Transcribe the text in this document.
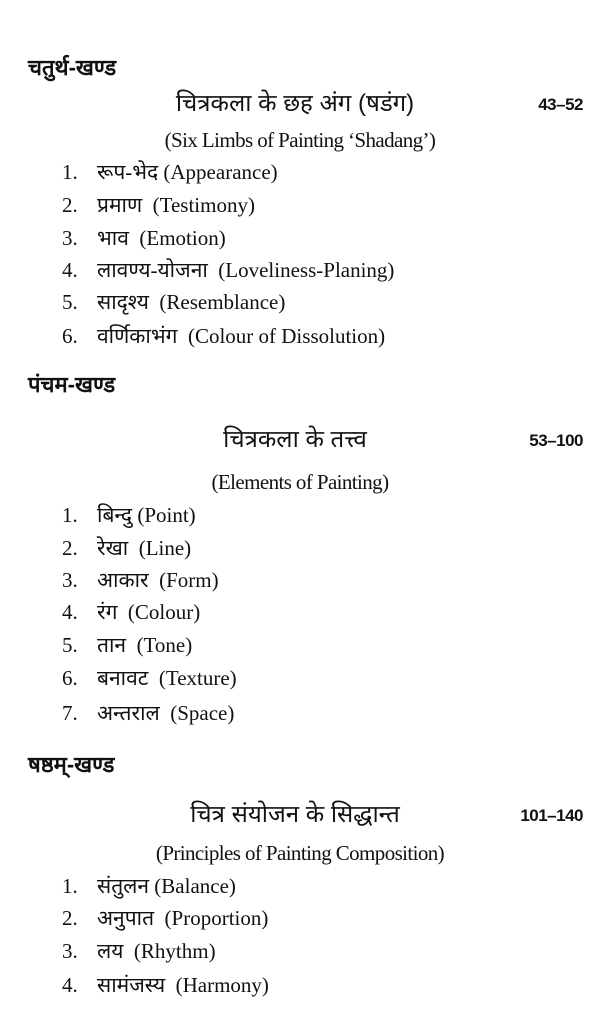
चतुर्थ-खण्ड
चित्रकला के छह अंग (षडंग)	43–52
(Six Limbs of Painting ‘Shadang’)
1. रूप-भेद (Appearance)
2. प्रमाण  (Testimony)
3. भाव  (Emotion)
4. लावण्य-योजना  (Loveliness-Planing)
5. सादृश्य  (Resemblance)
6. वर्णिकाभंग  (Colour of Dissolution)
पंचम-खण्ड
चित्रकला के तत्त्व	53–100
(Elements of Painting)
1. बिन्दु (Point)
2. रेखा  (Line)
3. आकार  (Form)
4. रंग  (Colour)
5. तान  (Tone)
6. बनावट  (Texture)
7. अन्तराल  (Space)
षष्ठम्-खण्ड
चित्र संयोजन के सिद्धान्त	101–140
(Principles of Painting Composition)
1. संतुलन (Balance)
2. अनुपात  (Proportion)
3. लय  (Rhythm)
4. सामंजस्य  (Harmony)
